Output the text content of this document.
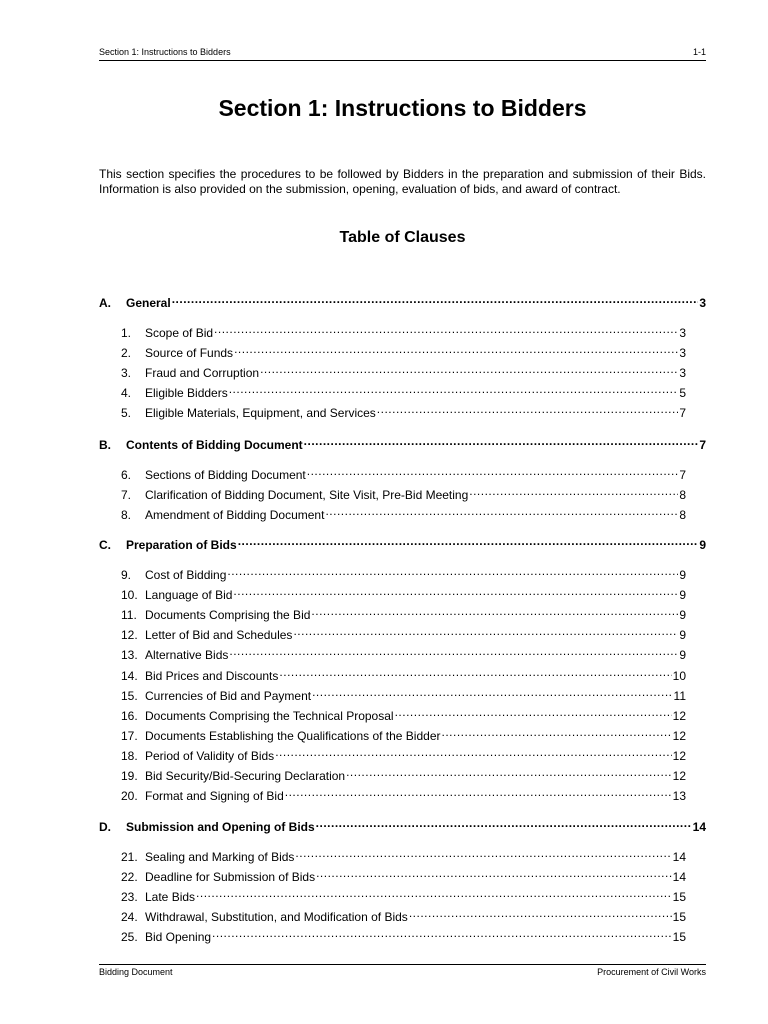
Section 1: Instructions to Bidders	1-1
Section 1: Instructions to Bidders

This section specifies the procedures to be followed by Bidders in the preparation and submission of their Bids. Information is also provided on the submission, opening, evaluation of bids, and award of contract.

Table of Clauses
A.	General .....	3
1.	Scope of Bid .....	3
2.	Source of Funds .....	3
3.	Fraud and Corruption .....	3
4.	Eligible Bidders .....	5
5.	Eligible Materials, Equipment, and Services .....	7
B.	Contents of Bidding Document .....	7
6.	Sections of Bidding Document .....	7
7.	Clarification of Bidding Document, Site Visit, Pre-Bid Meeting .....	8
8.	Amendment of Bidding Document .....	8
C.	Preparation of Bids .....	9
9.	Cost of Bidding .....	9
10. Language of Bid .....	9
11. Documents Comprising the Bid .....	9
12. Letter of Bid and Schedules .....	9
13. Alternative Bids .....	9
14. Bid Prices and Discounts .....	10
15. Currencies of Bid and Payment .....	11
16. Documents Comprising the Technical Proposal .....	12
17. Documents Establishing the Qualifications of the Bidder .....	12
18. Period of Validity of Bids .....	12
19. Bid Security/Bid-Securing Declaration .....	12
20. Format and Signing of Bid .....	13
D.	Submission and Opening of Bids .....	14
21. Sealing and Marking of Bids .....	14
22. Deadline for Submission of Bids .....	14
23. Late Bids .....	15
24. Withdrawal, Substitution, and Modification of Bids .....	15
25. Bid Opening .....	15
Bidding Document	Procurement of Civil Works
